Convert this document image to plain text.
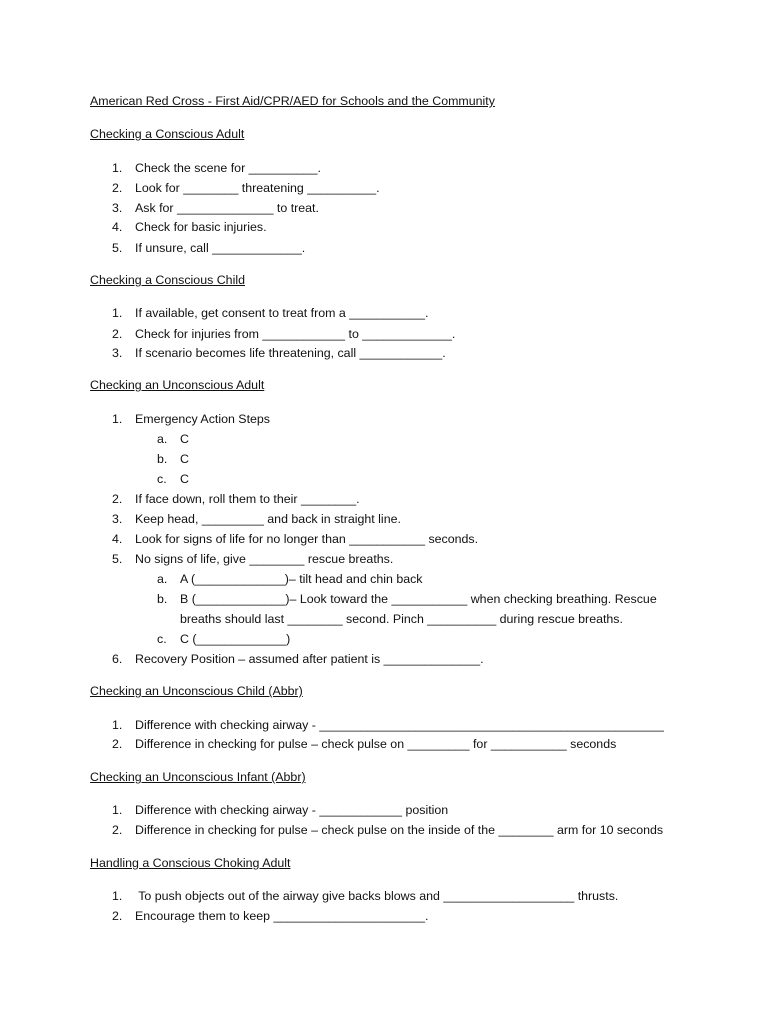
American Red Cross - First Aid/CPR/AED for Schools and the Community
Checking a Conscious Adult
1. Check the scene for __________.
2. Look for ________ threatening __________.
3. Ask for ______________ to treat.
4. Check for basic injuries.
5. If unsure, call _____________.
Checking a Conscious Child
1. If available, get consent to treat from a ___________.
2. Check for injuries from ____________ to _____________.
3. If scenario becomes life threatening, call ____________.
Checking an Unconscious Adult
1. Emergency Action Steps
a. C
b. C
c. C
2. If face down, roll them to their ________.
3. Keep head, _________ and back in straight line.
4. Look for signs of life for no longer than ___________ seconds.
5. No signs of life, give ________ rescue breaths.
a. A (_____________)– tilt head and chin back
b. B (_____________)– Look toward the ___________ when checking breathing. Rescue
breaths should last ________ second. Pinch __________ during rescue breaths.
c. C (_____________)
6. Recovery Position – assumed after patient is ______________.
Checking an Unconscious Child (Abbr)
1. Difference with checking airway - __________________________________________________
2. Difference in checking for pulse – check pulse on _________ for ___________ seconds
Checking an Unconscious Infant (Abbr)
1. Difference with checking airway - ____________ position
2. Difference in checking for pulse – check pulse on the inside of the ________ arm for 10 seconds
Handling a Conscious Choking Adult
1. To push objects out of the airway give backs blows and ___________________ thrusts.
2. Encourage them to keep ______________________.
